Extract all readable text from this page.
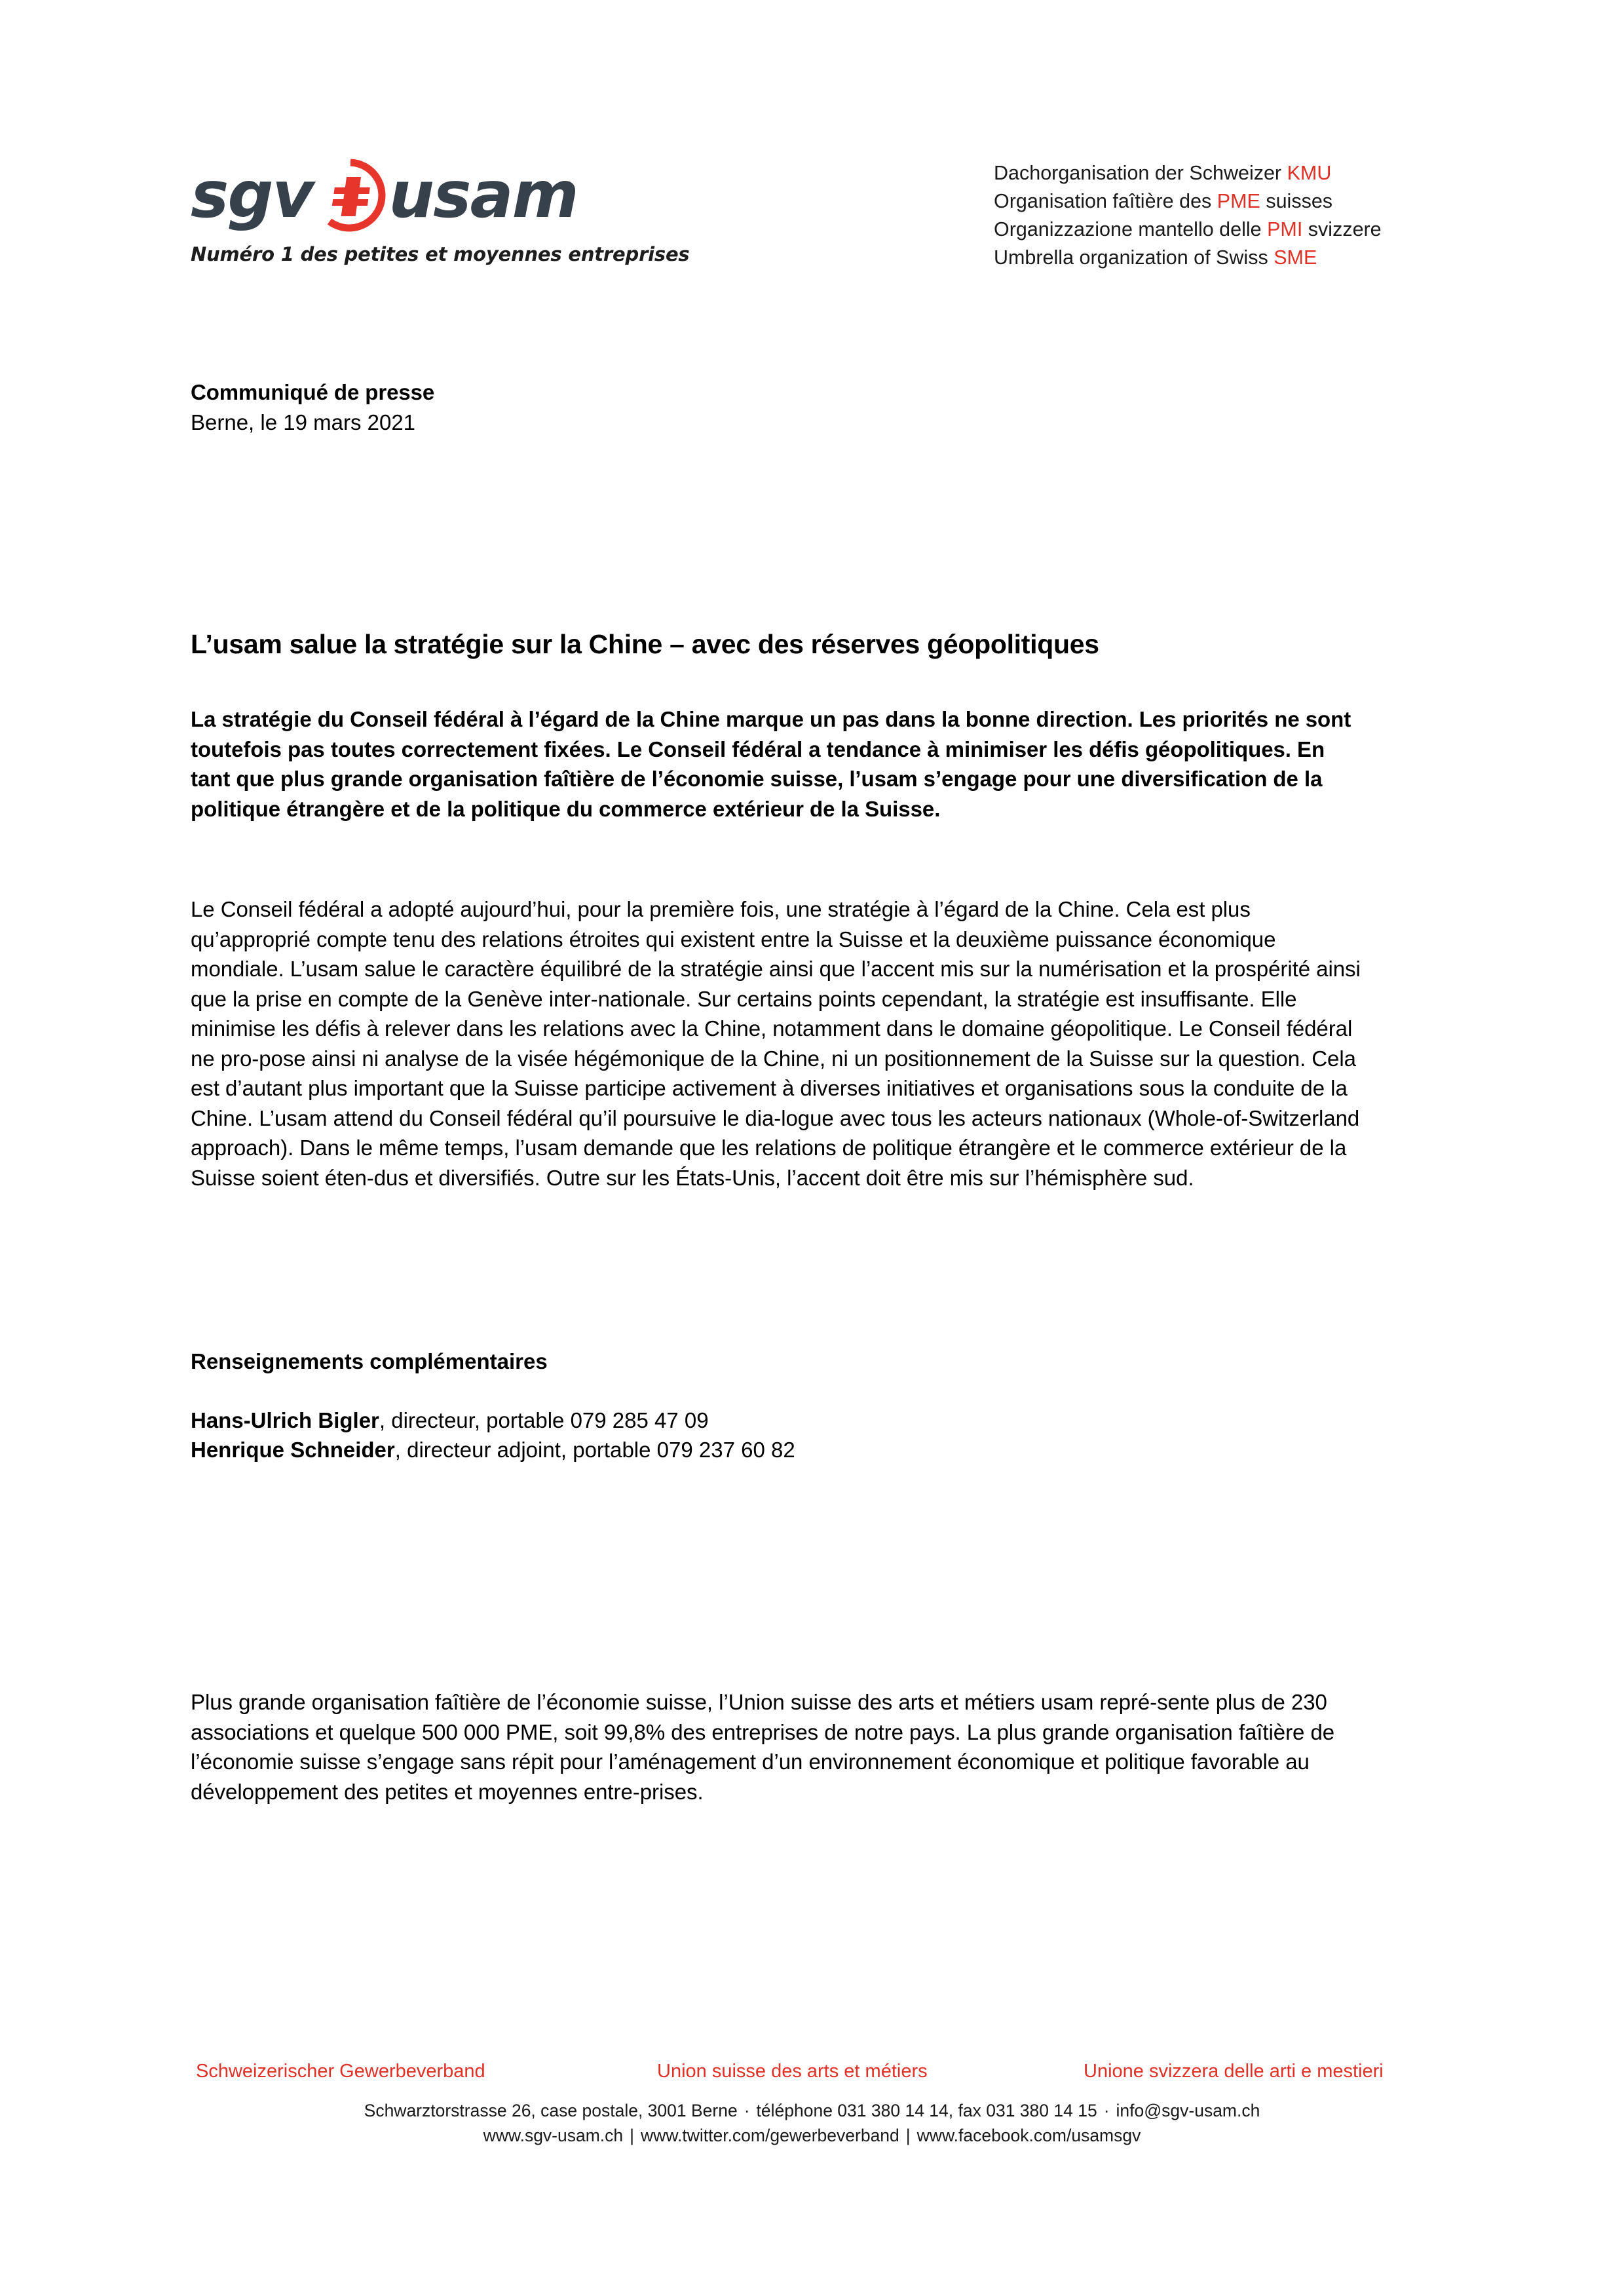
sgv usam
Numéro 1 des petites et moyennes entreprises
Dachorganisation der Schweizer KMU
Organisation faîtière des PME suisses
Organizzazione mantello delle PMI svizzere
Umbrella organization of Swiss SME
Communiqué de presse
Berne, le 19 mars 2021
L’usam salue la stratégie sur la Chine – avec des réserves géopolitiques

La stratégie du Conseil fédéral à l’égard de la Chine marque un pas dans la bonne direction. Les priorités ne sont toutefois pas toutes correctement fixées. Le Conseil fédéral a tendance à minimiser les défis géopolitiques. En tant que plus grande organisation faîtière de l’économie suisse, l’usam s’engage pour une diversification de la politique étrangère et de la politique du commerce extérieur de la Suisse.

Le Conseil fédéral a adopté aujourd’hui, pour la première fois, une stratégie à l’égard de la Chine. Cela est plus qu’approprié compte tenu des relations étroites qui existent entre la Suisse et la deuxième puissance économique mondiale. L’usam salue le caractère équilibré de la stratégie ainsi que l’accent mis sur la numérisation et la prospérité ainsi que la prise en compte de la Genève inter-nationale. Sur certains points cependant, la stratégie est insuffisante. Elle minimise les défis à relever dans les relations avec la Chine, notamment dans le domaine géopolitique. Le Conseil fédéral ne pro-pose ainsi ni analyse de la visée hégémonique de la Chine, ni un positionnement de la Suisse sur la question. Cela est d’autant plus important que la Suisse participe activement à diverses initiatives et organisations sous la conduite de la Chine. L’usam attend du Conseil fédéral qu’il poursuive le dia-logue avec tous les acteurs nationaux (Whole-of-Switzerland approach). Dans le même temps, l’usam demande que les relations de politique étrangère et le commerce extérieur de la Suisse soient éten-dus et diversifiés. Outre sur les États-Unis, l’accent doit être mis sur l’hémisphère sud.

Renseignements complémentaires
Hans-Ulrich Bigler, directeur, portable 079 285 47 09
Henrique Schneider, directeur adjoint, portable 079 237 60 82

Plus grande organisation faîtière de l’économie suisse, l’Union suisse des arts et métiers usam repré-sente plus de 230 associations et quelque 500 000 PME, soit 99,8% des entreprises de notre pays. La plus grande organisation faîtière de l’économie suisse s’engage sans répit pour l’aménagement d’un environnement économique et politique favorable au développement des petites et moyennes entre-prises.

Schweizerischer Gewerbeverband	Union suisse des arts et métiers	Unione svizzera delle arti e mestieri
Schwarztorstrasse 26, case postale, 3001 Berne · téléphone 031 380 14 14, fax 031 380 14 15 · info@sgv-usam.ch
www.sgv-usam.ch | www.twitter.com/gewerbeverband | www.facebook.com/usamsgv
